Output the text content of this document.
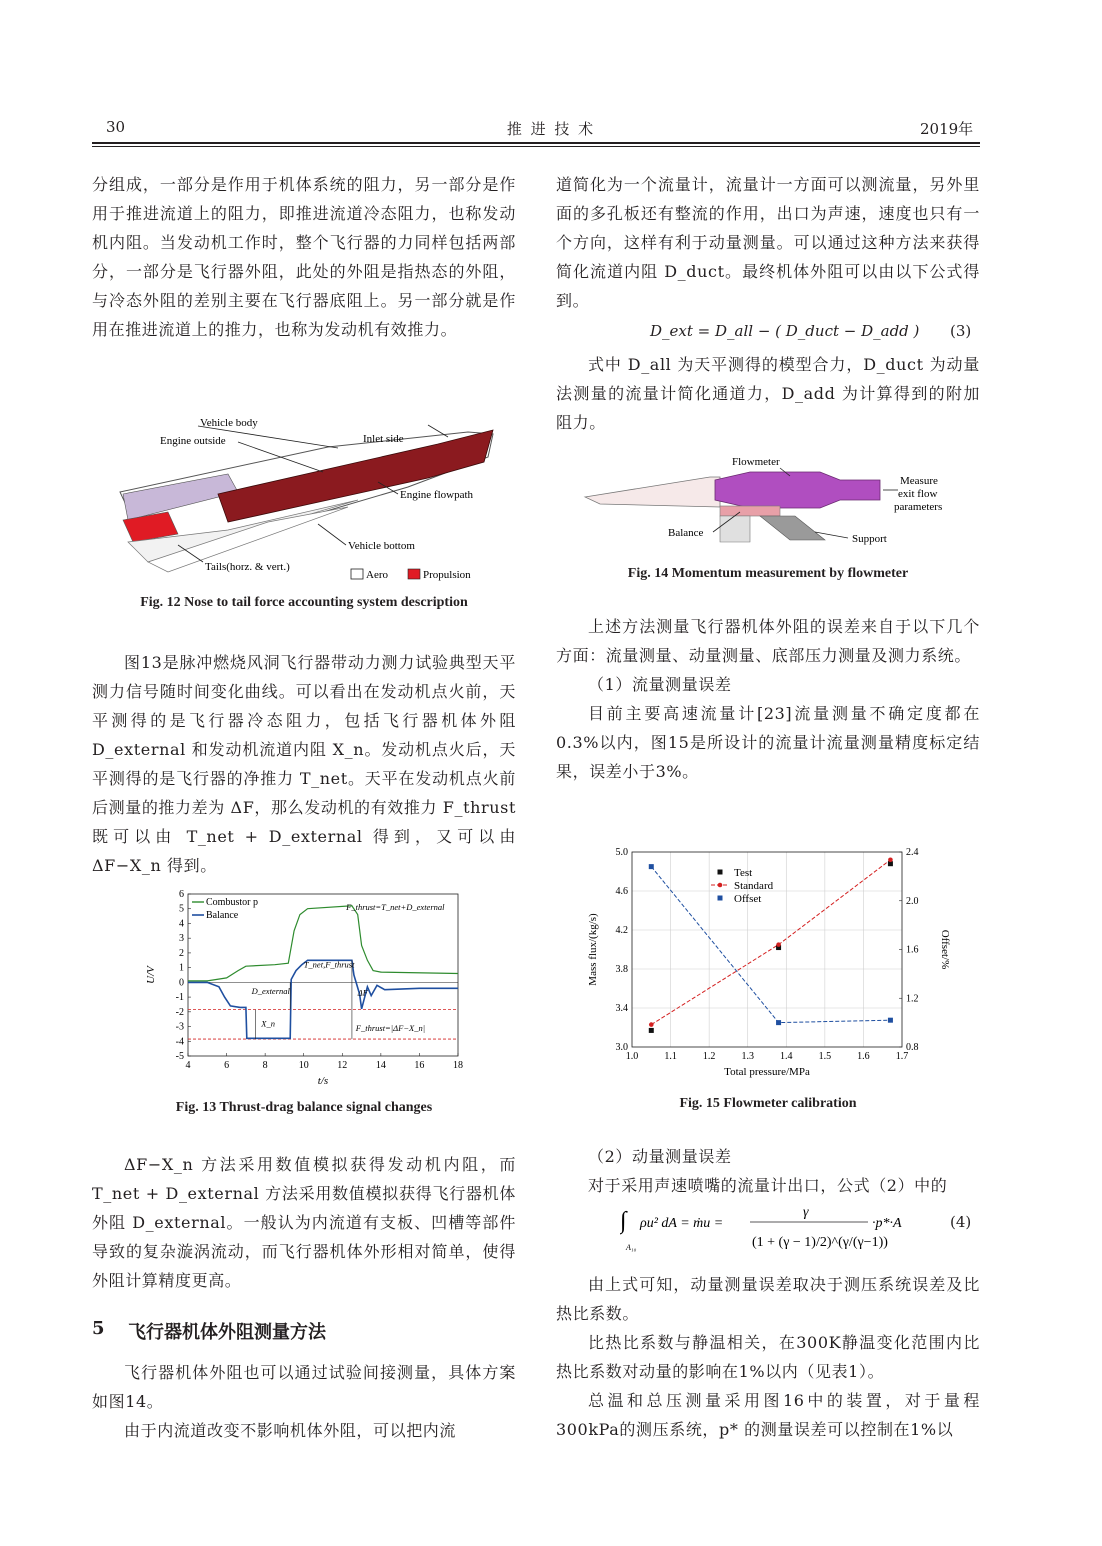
30	推 进 技 术	2019年

分组成，一部分是作用于机体系统的阻力，另一部分是作用于推进流道上的阻力，即推进流道冷态阻力，也称发动机内阻。当发动机工作时，整个飞行器的力同样包括两部分，一部分是飞行器外阻，此处的外阻是指热态的外阻，与冷态外阻的差别主要在飞行器底阻上。另一部分就是作用在推进流道上的推力，也称为发动机有效推力。

Vehicle body
Engine outside	Inlet side
Engine flowpath
Vehicle bottom
Tails(horz. & vert.)
Aero	Propulsion
Fig. 12 Nose to tail force accounting system description

图13是脉冲燃烧风洞飞行器带动力测力试验典型天平测力信号随时间变化曲线。可以看出在发动机点火前，天平测得的是飞行器冷态阻力，包括飞行器机体外阻 D_external 和发动机流道内阻 X_n。发动机点火后，天平测得的是飞行器的净推力 T_net。天平在发动机点火前后测量的推力差为 ΔF，那么发动机的有效推力 F_thrust 既可以由 T_net + D_external 得到，又可以由 ΔF−X_n 得到。

4	6	8	10	12	14	16	18
6
5
4
3
2
1
0
-1
-2
-3
-4
-5
t/s
U/V
Combustor p
Balance
F_thrust=T_net+D_external
T_net,F_thrust
D_external	ΔF
X_n	F_thrust=|ΔF−X_n|
Fig. 13 Thrust-drag balance signal changes

ΔF−X_n 方法采用数值模拟获得发动机内阻，而 T_net + D_external 方法采用数值模拟获得飞行器机体外阻 D_external。一般认为内流道有支板、凹槽等部件导致的复杂漩涡流动，而飞行器机体外形相对简单，使得外阻计算精度更高。

5 飞行器机体外阻测量方法

飞行器机体外阻也可以通过试验间接测量，具体方案如图14。

由于内流道改变不影响机体外阻，可以把内流

道简化为一个流量计，流量计一方面可以测流量，另外里面的多孔板还有整流的作用，出口为声速，速度也只有一个方向，这样有利于动量测量。可以通过这种方法来获得简化流道内阻 D_duct。最终机体外阻可以由以下公式得到。

D_ext = D_all − ( D_duct − D_add ) (3)

式中 D_all 为天平测得的模型合力，D_duct 为动量法测量的流量计简化通道力，D_add 为计算得到的附加阻力。

Flowmeter
Measure
exit flow
parameters
Balance	Support
Fig. 14 Momentum measurement by flowmeter

上述方法测量飞行器机体外阻的误差来自于以下几个方面：流量测量、动量测量、底部压力测量及测力系统。

（1）流量测量误差

目前主要高速流量计[23]流量测量不确定度都在0.3%以内，图15是所设计的流量计流量测量精度标定结果，误差小于3%。

1.0	1.1	1.2	1.3	1.4	1.5	1.6	1.7
3.0
3.4
3.8
4.2
4.6
5.0
0.8
1.2
1.6
2.0
2.4
Total pressure/MPa
Mass flux/(kg/s)	Offset/%
Test
Standard
Offset
Fig. 15 Flowmeter calibration

（2）动量测量误差

对于采用声速喷嘴的流量计出口，公式（2）中的

∫
A₁₀
ρu² dA = ṁu =
γ
(1 + (γ − 1)/2)^(γ/(γ−1))
·p*·A	(4)

由上式可知，动量测量误差取决于测压系统误差及比热比系数。

比热比系数与静温相关，在300K静温变化范围内比热比系数对动量的影响在1%以内（见表1）。

总温和总压测量采用图16中的装置，对于量程300kPa的测压系统，p* 的测量误差可以控制在1%以
